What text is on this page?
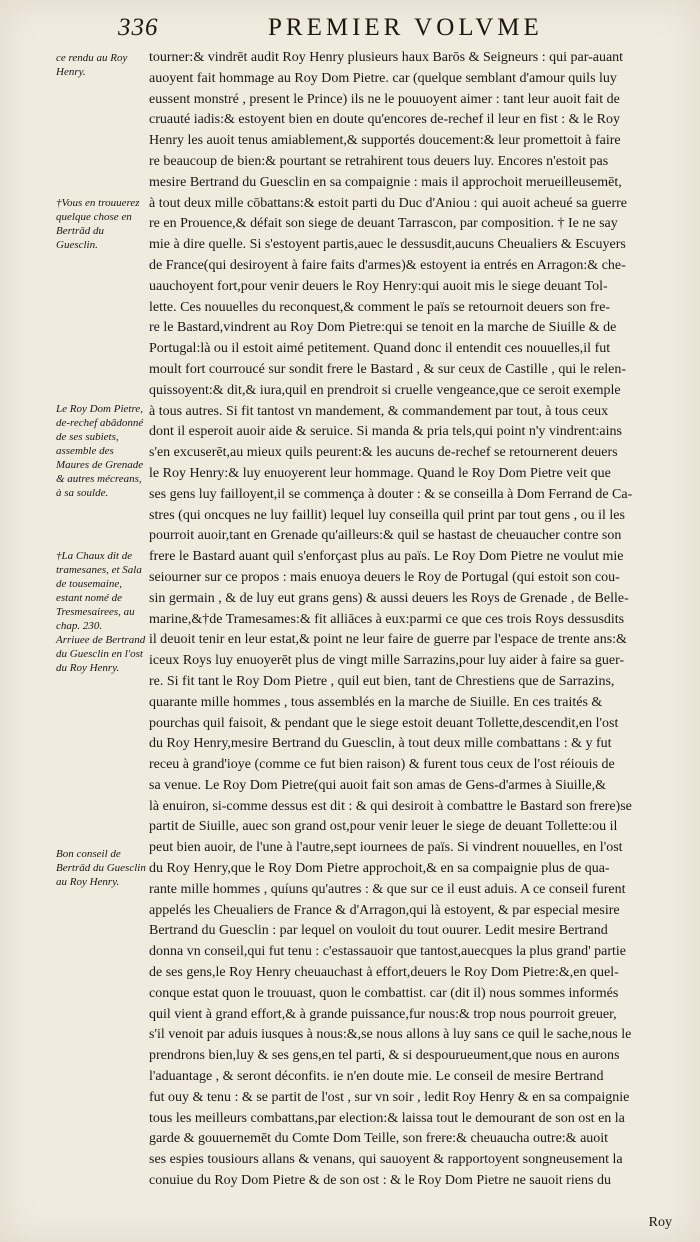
336	PREMIER VOLVME
ce rendu au Roy Henry.
†Vous en trouuerez quelque chose en Bertrād du Guesclin.
Le Roy Dom Pietre, de-rechef abādonné de ses subiets, assemble des Maures de Grenade & autres mécreans, à sa soulde.
†La Chaux dit de tramesanes, et Sala de tousemaine, estant nomé de Tresmesairees, au chap. 230.
Arriuee de Bertrand du Guesclin en l'ost du Roy Henry.
Bon conseil de Bertrād du Guesclin au Roy Henry.
tourner:& vindrēt audit Roy Henry plusieurs haux Barōs & Seigneurs : qui par-auant
auoyent fait hommage au Roy Dom Pietre. car (quelque semblant d'amour quils luy
eussent monstré , present le Prince) ils ne le pouuoyent aimer : tant leur auoit fait de
cruauté iadis:& estoyent bien en doute qu'encores de-rechef il leur en fist : & le Roy
Henry les auoit tenus amiablement,& supportés doucement:& leur promettoit à faire
re beaucoup de bien:& pourtant se retrahirent tous deuers luy. Encores n'estoit pas
mesire Bertrand du Guesclin en sa compaignie : mais il approchoit merueilleusemēt,
à tout deux mille cōbattans:& estoit parti du Duc d'Aniou : qui auoit acheué sa guerre
re en Prouence,& défait son siege de deuant Tarrascon, par composition. † Ie ne say
mie à dire quelle. Si s'estoyent partis,auec le dessusdit,aucuns Cheualiers & Escuyers
de France(qui desiroyent à faire faits d'armes)& estoyent ia entrés en Arragon:& che-
uauchoyent fort,pour venir deuers le Roy Henry:qui auoit mis le siege deuant Tol-
lette. Ces nouuelles du reconquest,& comment le païs se retournoit deuers son fre-
re le Bastard,vindrent au Roy Dom Pietre:qui se tenoit en la marche de Siuille & de
Portugal:là ou il estoit aimé petitement. Quand donc il entendit ces nouuelles,il fut
moult fort courroucé sur sondit frere le Bastard , & sur ceux de Castille , qui le relen-
quissoyent:& dit,& iura,quil en prendroit si cruelle vengeance,que ce seroit exemple
à tous autres. Si fit tantost vn mandement, & commandement par tout, à tous ceux
dont il esperoit auoir aide & seruice. Si manda & pria tels,qui point n'y vindrent:ains
s'en excuserēt,au mieux quils peurent:& les aucuns de-rechef se retournerent deuers
le Roy Henry:& luy enuoyerent leur hommage. Quand le Roy Dom Pietre veit que
ses gens luy failloyent,il se commença à douter : & se conseilla à Dom Ferrand de Ca-
stres (qui oncques ne luy faillit) lequel luy conseilla quil print par tout gens , ou il les
pourroit auoir,tant en Grenade qu'ailleurs:& quil se hastast de cheuaucher contre son
frere le Bastard auant quil s'enforçast plus au païs. Le Roy Dom Pietre ne voulut mie
seiourner sur ce propos : mais enuoya deuers le Roy de Portugal (qui estoit son cou-
sin germain , & de luy eut grans gens) & aussi deuers les Roys de Grenade , de Belle-
marine,&†de Tramesames:& fit alliāces à eux:parmi ce que ces trois Roys dessusdits
il deuoit tenir en leur estat,& point ne leur faire de guerre par l'espace de trente ans:&
iceux Roys luy enuoyerēt plus de vingt mille Sarrazins,pour luy aider à faire sa guer-
re. Si fit tant le Roy Dom Pietre , quil eut bien, tant de Chrestiens que de Sarrazins,
quarante mille hommes , tous assemblés en la marche de Siuille. En ces traités &
pourchas quil faisoit, & pendant que le siege estoit deuant Tollette,descendit,en l'ost
du Roy Henry,mesire Bertrand du Guesclin, à tout deux mille combattans : & y fut
receu à grand'ioye (comme ce fut bien raison) & furent tous ceux de l'ost réiouis de
sa venue. Le Roy Dom Pietre(qui auoit fait son amas de Gens-d'armes à Siuille,&
là enuiron, si-comme dessus est dit : & qui desiroit à combattre le Bastard son frere)se
partit de Siuille, auec son grand ost,pour venir leuer le siege de deuant Tollette:ou il
peut bien auoir, de l'une à l'autre,sept iournees de païs. Si vindrent nouuelles, en l'ost
du Roy Henry,que le Roy Dom Pietre approchoit,& en sa compaignie plus de qua-
rante mille hommes , quíuns qu'autres : & que sur ce il eust aduis. A ce conseil furent
appelés les Cheualiers de France & d'Arragon,qui là estoyent, & par especial mesire
Bertrand du Guesclin : par lequel on vouloit du tout ouurer. Ledit mesire Bertrand
donna vn conseil,qui fut tenu : c'estassauoir que tantost,auecques la plus grand' partie
de ses gens,le Roy Henry cheuauchast à effort,deuers le Roy Dom Pietre:&,en quel-
conque estat quon le trouuast, quon le combattist. car (dit il) nous sommes informés
quil vient à grand effort,& à grande puissance,fur nous:& trop nous pourroit greuer,
s'il venoit par aduis iusques à nous:&,se nous allons à luy sans ce quil le sache,nous le
prendrons bien,luy & ses gens,en tel parti, & si despourueument,que nous en aurons
l'aduantage , & seront déconfits. ie n'en doute mie. Le conseil de mesire Bertrand
fut ouy & tenu : & se partit de l'ost , sur vn soir , ledit Roy Henry & en sa compaignie
tous les meilleurs combattans,par election:& laissa tout le demourant de son ost en la
garde & gouuernemēt du Comte Dom Teille, son frere:& cheuaucha outre:& auoit
ses espies tousiours allans & venans, qui sauoyent & rapportoyent songneusement la
conuiue du Roy Dom Pietre & de son ost : & le Roy Dom Pietre ne sauoit riens du
Roy
